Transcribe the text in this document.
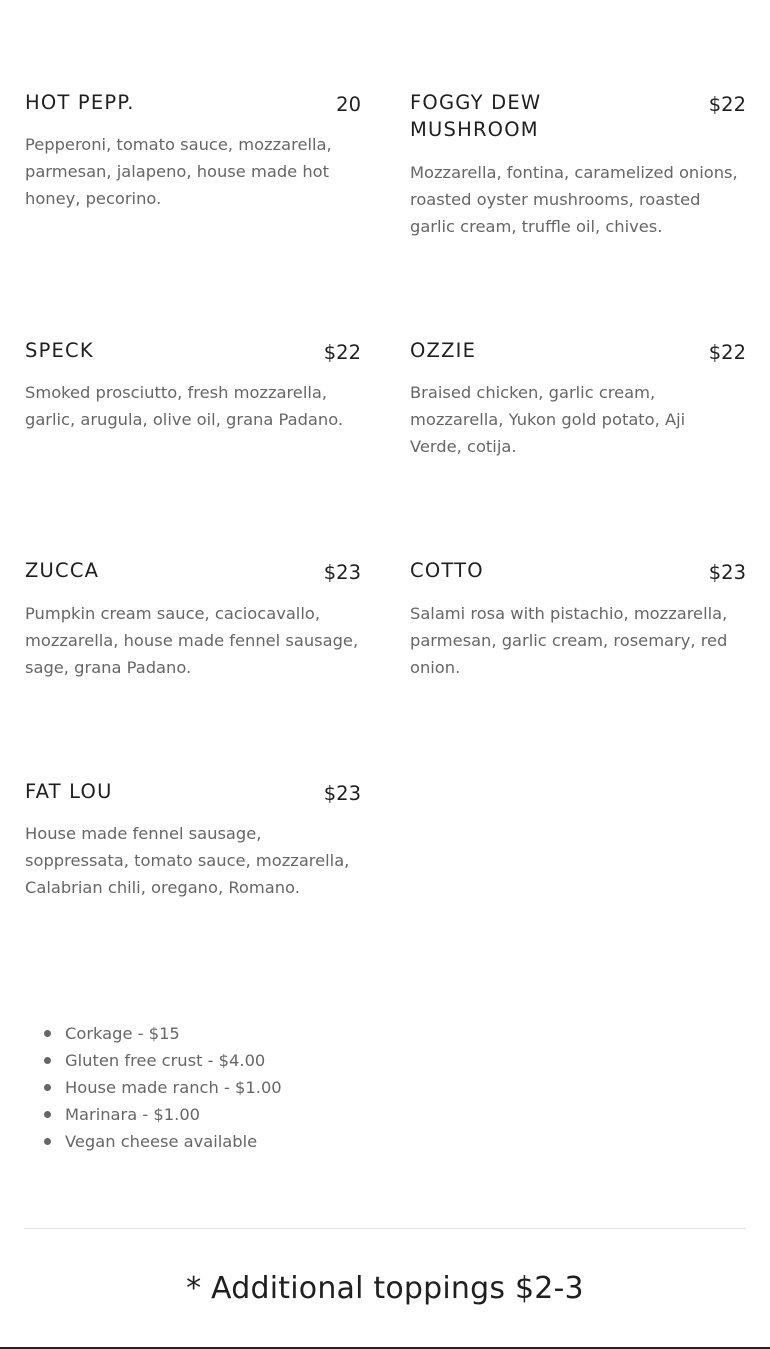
HOT PEPP.	20
Pepperoni, tomato sauce, mozzarella, parmesan, jalapeno, house made hot honey, pecorino.
FOGGY DEW MUSHROOM
$22
Mozzarella, fontina, caramelized onions, roasted oyster mushrooms, roasted garlic cream, truffle oil, chives.
SPECK	$22
Smoked prosciutto, fresh mozzarella, garlic, arugula, olive oil, grana Padano.
OZZIE	$22
Braised chicken, garlic cream, mozzarella, Yukon gold potato, Aji Verde, cotija.
ZUCCA	$23
Pumpkin cream sauce, caciocavallo, mozzarella, house made fennel sausage, sage, grana Padano.
COTTO	$23
Salami rosa with pistachio, mozzarella, parmesan, garlic cream, rosemary, red onion.
FAT LOU	$23
House made fennel sausage, soppressata, tomato sauce, mozzarella, Calabrian chili, oregano, Romano.
Corkage - $15
Gluten free crust - $4.00
House made ranch - $1.00
Marinara - $1.00
Vegan cheese available
* Additional toppings $2-3
